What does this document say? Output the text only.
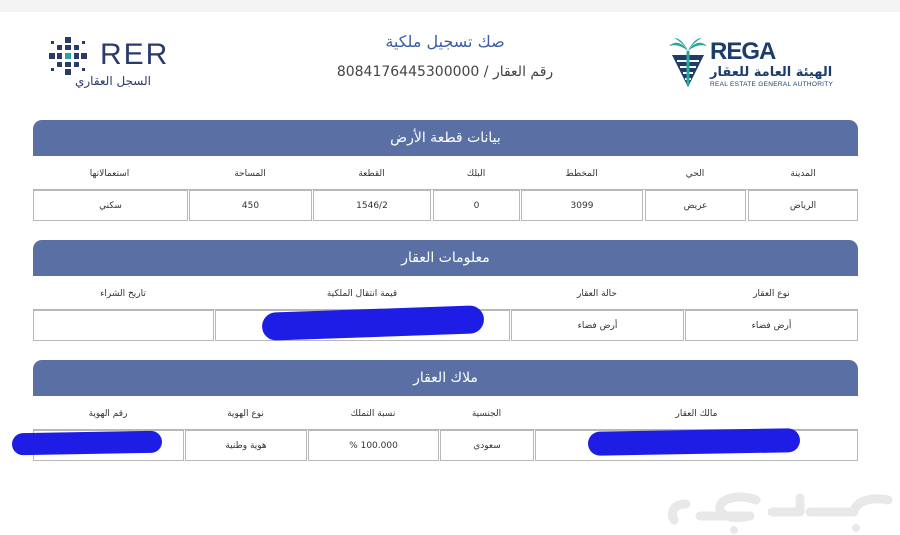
REGA
الهيئة العامة للعقار
REAL ESTATE GENERAL AUTHORITY
صك تسجيل ملكية
رقم العقار / 8084176445300000
RER
السجل العقاري
بيانات قطعة الأرض
المدينة
الحي
المخطط
البلك
القطعة
المساحة
استعمالاتها
الرياض
عريض
3099
0
1546/2
450
سكني
معلومات العقار
نوع العقار
حالة العقار
قيمة انتقال الملكية
تاريخ الشراء
أرض فضاء
أرض فضاء
ملاك العقار
مالك العقار
الجنسية
نسبة التملك
نوع الهوية
رقم الهوية
سعودي
100.000 %
هوية وطنية
